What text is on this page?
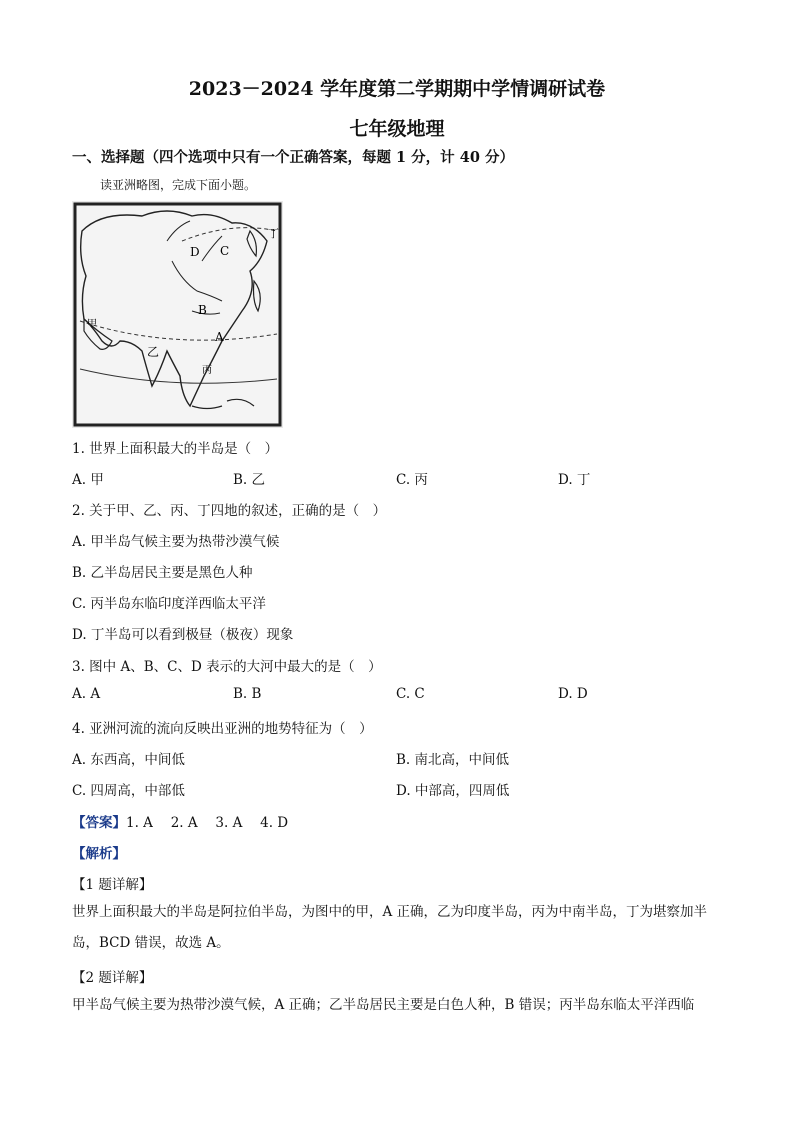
2023－2024 学年度第二学期期中学情调研试卷
七年级地理
一、选择题（四个选项中只有一个正确答案，每题 1 分，计 40 分）
读亚洲略图，完成下面小题。
甲
乙
丙
丁
A
B
C
D
1. 世界上面积最大的半岛是（　）
A. 甲	B. 乙	C. 丙	D. 丁
2. 关于甲、乙、丙、丁四地的叙述，正确的是（　）
A. 甲半岛气候主要为热带沙漠气候
B. 乙半岛居民主要是黑色人种
C. 丙半岛东临印度洋西临太平洋
D. 丁半岛可以看到极昼（极夜）现象
3. 图中 A、B、C、D 表示的大河中最大的是（　）
A. A	B. B	C. C	D. D
4. 亚洲河流的流向反映出亚洲的地势特征为（　）
A. 东西高，中间低	B. 南北高，中间低
C. 四周高，中部低	D. 中部高，四周低
【答案】1. A　 2. A　 3. A　 4. D
【解析】
【1 题详解】
世界上面积最大的半岛是阿拉伯半岛，为图中的甲，A 正确，乙为印度半岛，丙为中南半岛，丁为堪察加半岛，BCD 错误，故选 A。
【2 题详解】
甲半岛气候主要为热带沙漠气候，A 正确；乙半岛居民主要是白色人种，B 错误；丙半岛东临太平洋西临
